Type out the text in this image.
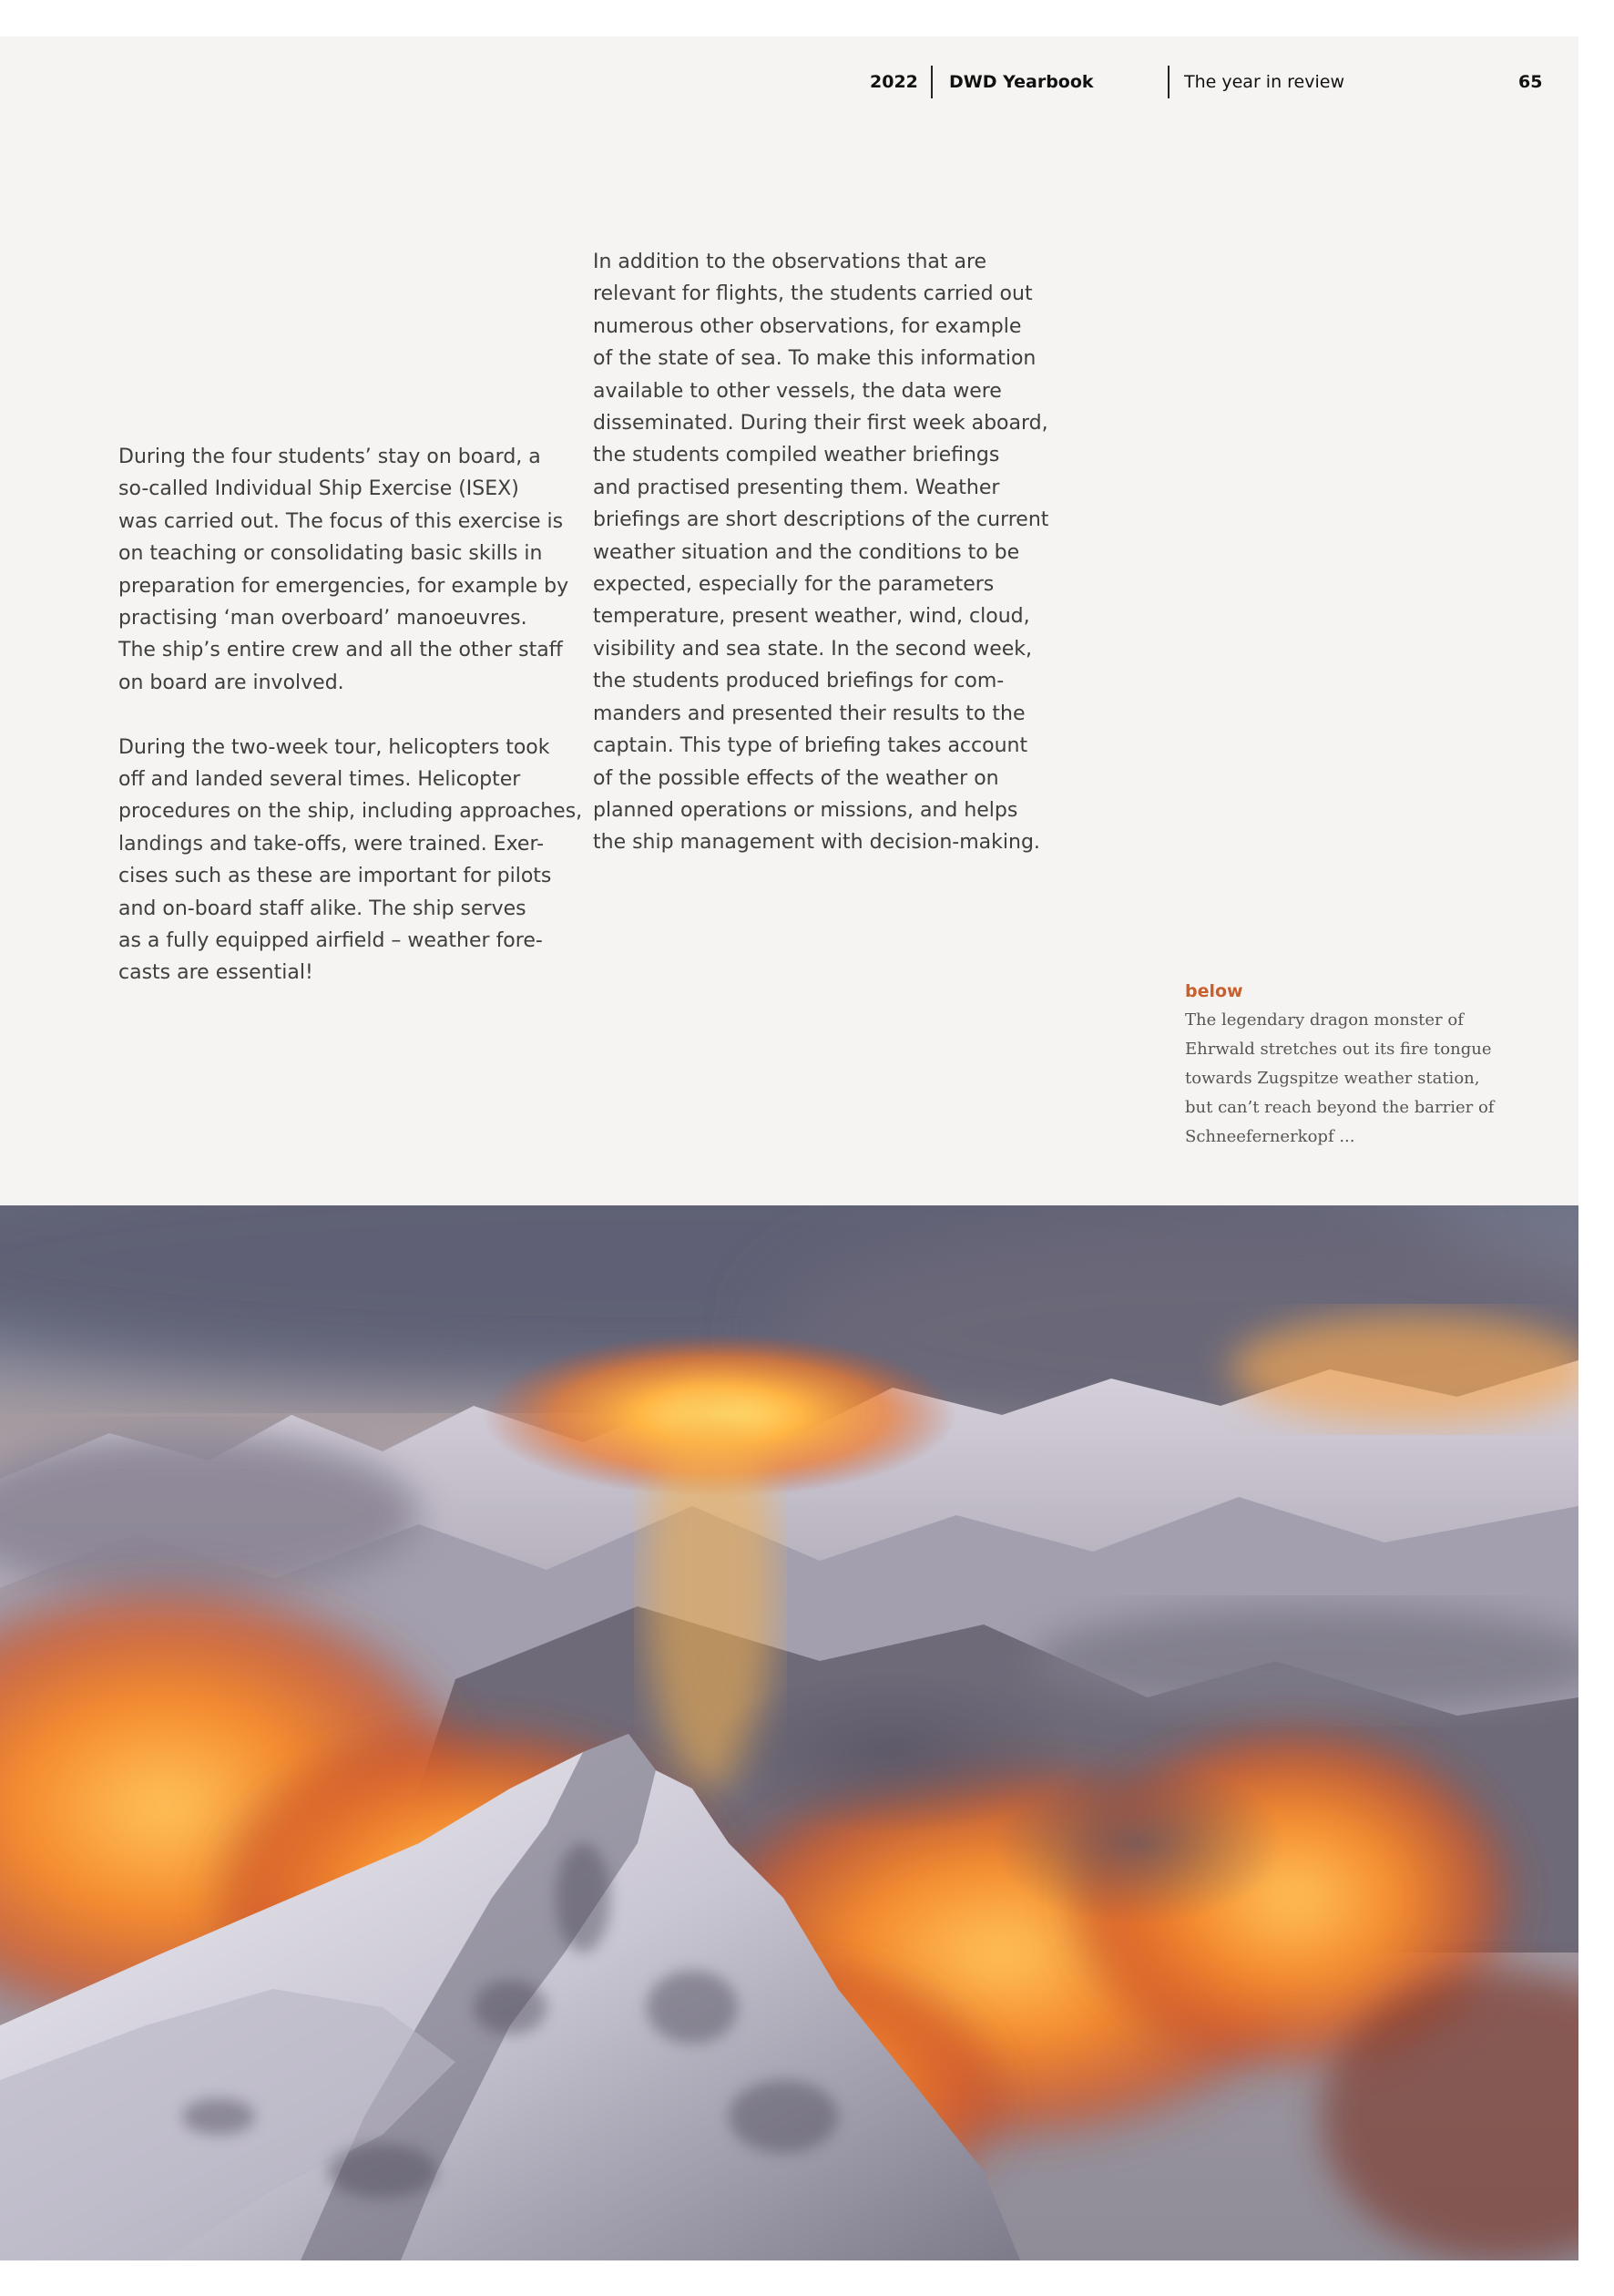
2022 DWD Yearbook	The year in review	65

During the four students’ stay on board, a
so-called Individual Ship Exercise (ISEX)
was carried out. The focus of this exercise is
on teaching or consolidating basic skills in
preparation for emergencies, for example by
practising ‘man overboard’ manoeuvres.
The ship’s entire crew and all the other staff
on board are involved.

During the two-week tour, helicopters took
off and landed several times. Helicopter
procedures on the ship, including approaches,
landings and take-offs, were trained. Exer-
cises such as these are important for pilots
and on-board staff alike. The ship serves
as a fully equipped airfield – weather fore-
casts are essential!

In addition to the observations that are
relevant for flights, the students carried out
numerous other observations, for example
of the state of sea. To make this information
available to other vessels, the data were
disseminated. During their first week aboard,
the students compiled weather briefings
and practised presenting them. Weather
briefings are short descriptions of the current
weather situation and the conditions to be
expected, especially for the parameters
temperature, present weather, wind, cloud,
visibility and sea state. In the second week,
the students produced briefings for com-
manders and presented their results to the
captain. This type of briefing takes account
of the possible effects of the weather on
planned operations or missions, and helps
the ship management with decision-making.

below
The legendary dragon monster of
Ehrwald stretches out its fire tongue
towards Zugspitze weather station,
but can’t reach beyond the barrier of
Schneefernerkopf ...
